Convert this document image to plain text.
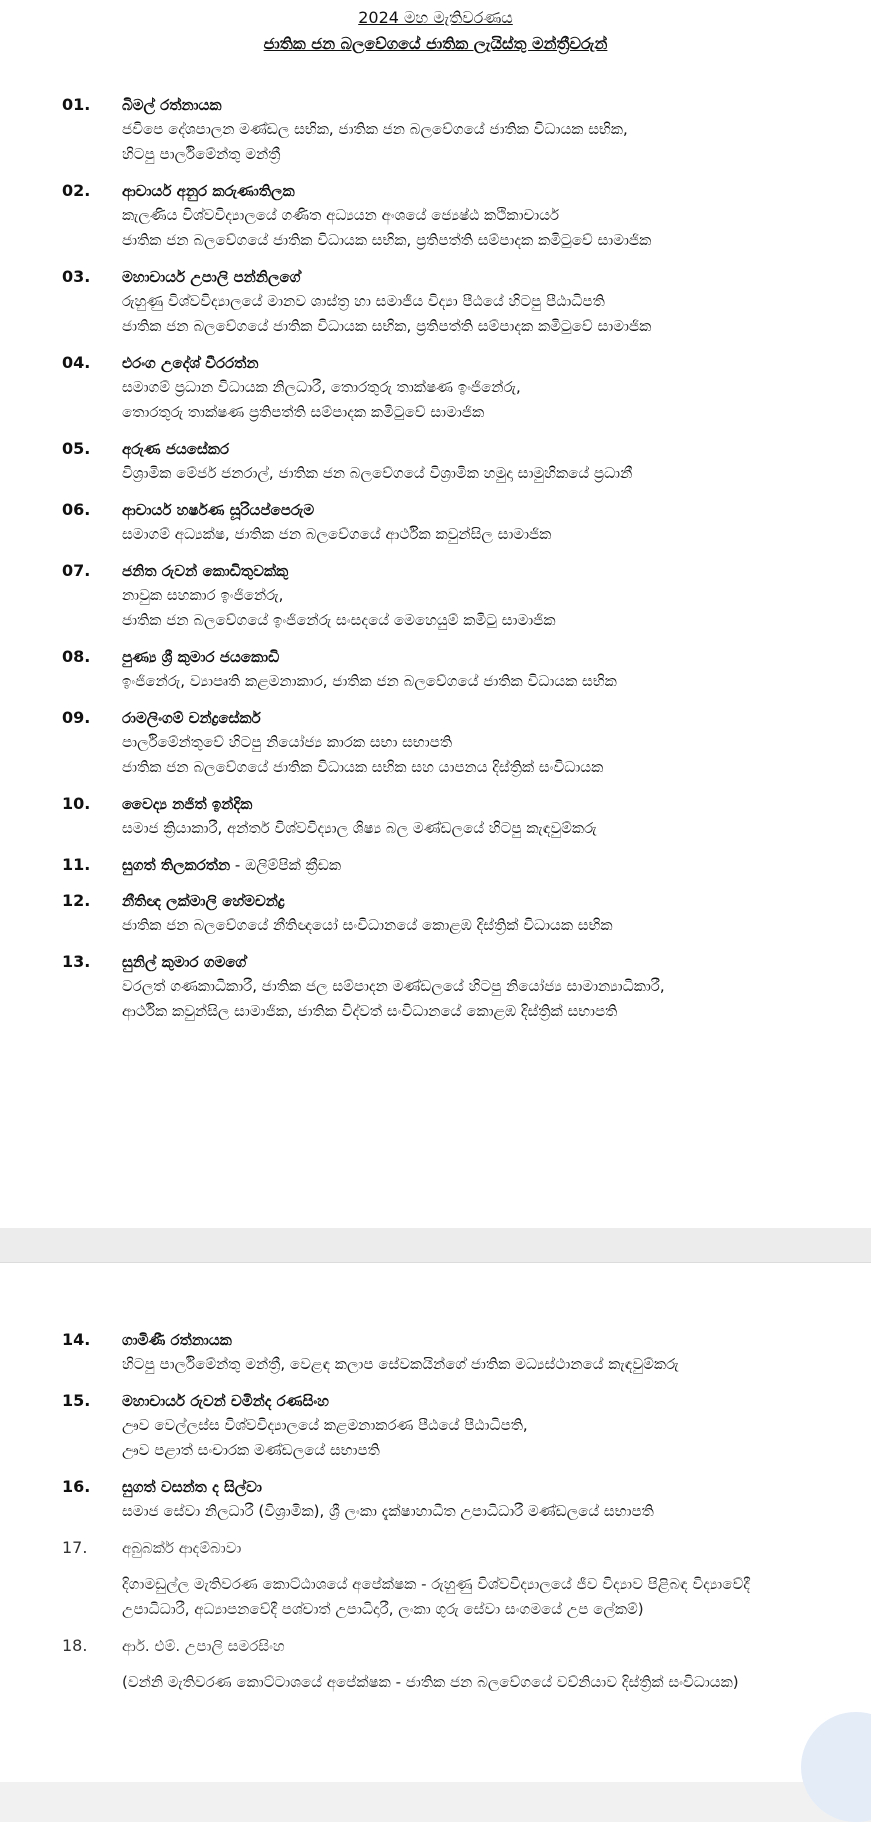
2024 මහ මැතිවරණය

ජාතික ජන බලවේගයේ ජාතික ලැයිස්තු මන්ත්‍රීවරුන්

01. බිමල් රත්නායක
ජවිපෙ දේශපාලන මණ්ඩල සභික, ජාතික ජන බලවේගයේ ජාතික විධායක සභික,
හිටපු පාර්ලිමේන්තු මන්ත්‍රී
02. ආචාර්ය අනුර කරුණාතිලක
කැලණිය විශ්වවිද්‍යාලයේ ගණිත අධ්‍යයන අංශයේ ජ්‍යෙෂ්ඨ කථිකාචාර්ය
ජාතික ජන බලවේගයේ ජාතික විධායක සභික, ප්‍රතිපත්ති සම්පාදක කමිටුවේ සාමාජික
03. මහාචාර්ය උපාලි පන්නිලගේ
රුහුණු විශ්වවිද්‍යාලයේ මානව ශාස්ත්‍ර හා සමාජීය විද්‍යා පීඨයේ හිටපු පීඨාධිපති
ජාතික ජන බලවේගයේ ජාතික විධායක සභික, ප්‍රතිපත්ති සම්පාදක කමිටුවේ සාමාජික
04. එරංග උදේශ් වීරරත්න
සමාගම් ප්‍රධාන විධායක නිලධාරී, තොරතුරු තාක්ෂණ ඉංජිනේරු,
තොරතුරු තාක්ෂණ ප්‍රතිපත්ති සම්පාදක කමිටුවේ සාමාජික
05. අරුණ ජයසේකර
විශ්‍රාමික මේජර් ජනරාල්, ජාතික ජන බලවේගයේ විශ්‍රාමික හමුදා සාමුහිකයේ ප්‍රධානී
06. ආචාර්ය හර්ෂණ සූරියප්පෙරුම
සමාගම් අධ්‍යක්ෂ, ජාතික ජන බලවේගයේ ආර්ථික කවුන්සිල සාමාජික
07. ජනිත රුවන් කොඩිතුවක්කු
නාවුක සහකාර ඉංජිනේරු,
ජාතික ජන බලවේගයේ ඉංජිනේරු සංසදයේ මෙහෙයුම් කමිටු සාමාජික
08. පුණ්‍ය ශ්‍රී කුමාර ජයකොඩි
ඉංජිනේරු, ව්‍යාපෘති කළමනාකාර, ජාතික ජන බලවේගයේ ජාතික විධායක සභික
09. රාමලිංගම් චන්ද්‍රසේකර්
පාර්ලිමේන්තුවේ හිටපු නියෝජ්‍ය කාරක සභා සභාපති
ජාතික ජන බලවේගයේ ජාතික විධායක සභික සහ යාපනය දිස්ත්‍රික් සංවිධායක
10. වෛද්‍ය නජිත් ඉන්දික
සමාජ ක්‍රියාකාරී, අන්තර් විශ්වවිද්‍යාල ශිෂ්‍ය බල මණ්ඩලයේ හිටපු කැඳවුම්කරු
11. සුගත් තිලකරත්න - ඔලිම්පික් ක්‍රීඩක
12. නීතිඥ ලක්මාලි හේමචන්ද්‍ර
ජාතික ජන බලවේගයේ නීතිඥයෝ සංවිධානයේ කොළඹ දිස්ත්‍රික් විධායක සභික
13. සුනිල් කුමාර ගමගේ
වරලත් ගණකාධිකාරී, ජාතික ජල සම්පාදන මණ්ඩලයේ හිටපු නියෝජ්‍ය සාමාන්‍යාධිකාරී,
ආර්ථික කවුන්සිල සාමාජික, ජාතික විද්වත් සංවිධානයේ කොළඹ දිස්ත්‍රික් සභාපති
14. ගාමිණී රත්නායක
හිටපු පාර්ලිමේන්තු මන්ත්‍රී, වෙළඳ කලාප සේවකයින්ගේ ජාතික මධ්‍යස්ථානයේ කැඳවුම්කරු
15. මහාචාර්ය රුවන් චමින්ද රණසිංහ
ඌව වෙල්ලස්ස විශ්වවිද්‍යාලයේ කළමනාකරණ පීඨයේ පීඨාධිපති,
ඌව පළාත් සංචාරක මණ්ඩලයේ සභාපති
16. සුගත් වසන්ත ද සිල්වා
සමාජ සේවා නිලධාරී (විශ්‍රාමික), ශ්‍රී ලංකා දැක්ෂාහාධීත උපාධිධාරී මණ්ඩලයේ සභාපති
17. අබුබක්ර් ආදම්බාවා
දිගාමඩුල්ල මැතිවරණ කොට්ඨාශයේ අපේක්ෂක - රුහුණු විශ්වවිද්‍යාලයේ ජීව විද්‍යාව පිළිබඳ විද්‍යාවේදී උපාධිධාරී, අධ්‍යාපනවේදී පශ්චාත් උපාධිදාරී, ලංකා ගුරු සේවා සංගමයේ උප ලේකම්)
18. ආර්. එම්. උපාලි සමරසිංහ
(වන්නි මැතිවරණ කොට්ටාශයේ අපේක්ෂක - ජාතික ජන බලවේගයේ වව්නියාව දිස්ත්‍රික් සංවිධායක)
